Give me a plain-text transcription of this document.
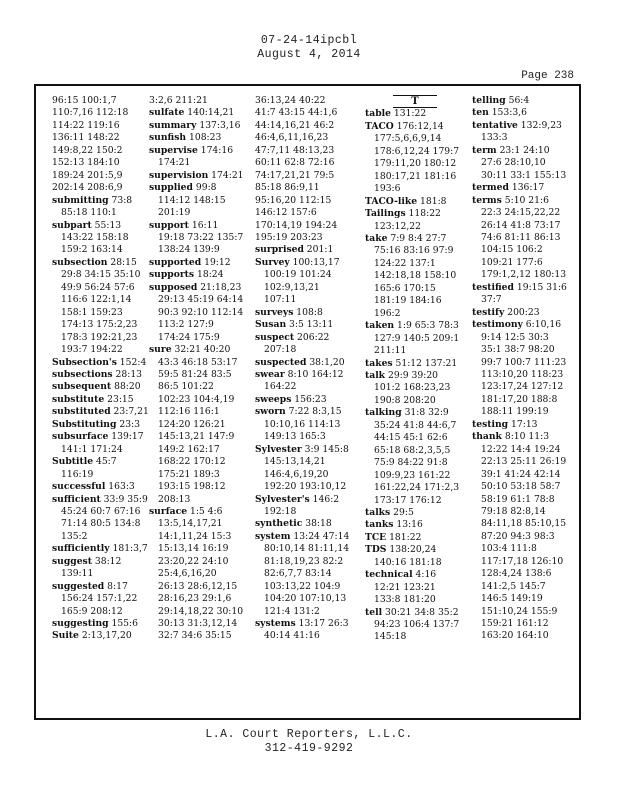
07-24-14ipcbl
August 4, 2014
Page 238
96:15 100:1,7
110:7,16 112:18
114:22 119:16
136:11 148:22
149:8,22 150:2
152:13 184:10
189:24 201:5,9
202:14 208:6,9
submitting 73:8
85:18 110:1
subpart 55:13
143:22 158:18
159:2 163:14
subsection 28:15
29:8 34:15 35:10
49:9 56:24 57:6
116:6 122:1,14
158:1 159:23
174:13 175:2,23
178:3 192:21,23
193:7 194:22
Subsection's 152:4
subsections 28:13
subsequent 88:20
substitute 23:15
substituted 23:7,21
Substituting 23:3
subsurface 139:17
141:1 171:24
Subtitle 45:7
116:19
successful 163:3
sufficient 33:9 35:9
45:24 60:7 67:16
71:14 80:5 134:8
135:2
sufficiently 181:3,7
suggest 38:12
139:11
suggested 8:17
156:24 157:1,22
165:9 208:12
suggesting 155:6
Suite 2:13,17,20
3:2,6 211:21
sulfate 140:14,21
summary 137:3,16
sunfish 108:23
supervise 174:16
174:21
supervision 174:21
supplied 99:8
114:12 148:15
201:19
support 16:11
19:18 73:22 135:7
138:24 139:9
supported 19:12
supports 18:24
supposed 21:18,23
29:13 45:19 64:14
90:3 92:10 112:14
113:2 127:9
174:24 175:9
sure 32:21 40:20
43:3 46:18 53:17
59:5 81:24 83:5
86:5 101:22
102:23 104:4,19
112:16 116:1
124:20 126:21
145:13,21 147:9
149:2 162:17
168:22 170:12
175:21 189:3
193:15 198:12
208:13
surface 1:5 4:6
13:5,14,17,21
14:1,11,24 15:3
15:13,14 16:19
23:20,22 24:10
25:4,6,16,20
26:13 28:6,12,15
28:16,23 29:1,6
29:14,18,22 30:10
30:13 31:3,12,14
32:7 34:6 35:15
36:13,24 40:22
41:7 43:15 44:1,6
44:14,16,21 46:2
46:4,6,11,16,23
47:7,11 48:13,23
60:11 62:8 72:16
74:17,21,21 79:5
85:18 86:9,11
95:16,20 112:15
146:12 157:6
170:14,19 194:24
195:19 203:23
surprised 201:1
Survey 100:13,17
100:19 101:24
102:9,13,21
107:11
surveys 108:8
Susan 3:5 13:11
suspect 206:22
207:18
suspected 38:1,20
swear 8:10 164:12
164:22
sweeps 156:23
sworn 7:22 8:3,15
10:10,16 114:13
149:13 165:3
Sylvester 3:9 145:8
145:13,14,21
146:4,6,19,20
192:20 193:10,12
Sylvester's 146:2
192:18
synthetic 38:18
system 13:24 47:14
80:10,14 81:11,14
81:18,19,23 82:2
82:6,7,7 83:14
103:13,22 104:9
104:20 107:10,13
121:4 131:2
systems 13:17 26:3
40:14 41:16
T
table 131:22
TACO 176:12,14
177:5,6,6,9,14
178:6,12,24 179:7
179:11,20 180:12
180:17,21 181:16
193:6
TACO-like 181:8
Tailings 118:22
123:12,22
take 7:9 8:4 27:7
75:16 83:16 97:9
124:22 137:1
142:18,18 158:10
165:6 170:15
181:19 184:16
196:2
taken 1:9 65:3 78:3
127:9 140:5 209:1
211:11
takes 51:12 137:21
talk 29:9 39:20
101:2 168:23,23
190:8 208:20
talking 31:8 32:9
35:24 41:8 44:6,7
44:15 45:1 62:6
65:18 68:2,3,5,5
75:9 84:22 91:8
109:9,23 161:22
161:22,24 171:2,3
173:17 176:12
talks 29:5
tanks 13:16
TCE 181:22
TDS 138:20,24
140:16 181:18
technical 4:16
12:21 123:21
133:8 181:20
tell 30:21 34:8 35:2
94:23 106:4 137:7
145:18
telling 56:4
ten 153:3,6
tentative 132:9,23
133:3
term 23:1 24:10
27:6 28:10,10
30:11 33:1 155:13
termed 136:17
terms 5:10 21:6
22:3 24:15,22,22
26:14 41:8 73:17
74:6 81:11 86:13
104:15 106:2
109:21 177:6
179:1,2,12 180:13
testified 19:15 31:6
37:7
testify 200:23
testimony 6:10,16
9:14 12:5 30:3
35:1 38:7 98:20
99:7 100:7 111:23
113:10,20 118:23
123:17,24 127:12
181:17,20 188:8
188:11 199:19
testing 17:13
thank 8:10 11:3
12:22 14:4 19:24
22:13 25:11 26:19
39:1 41:24 42:14
50:10 53:18 58:7
58:19 61:1 78:8
79:18 82:8,14
84:11,18 85:10,15
87:20 94:3 98:3
103:4 111:8
117:17,18 126:10
128:4,24 138:6
141:2,5 145:7
146:5 149:19
151:10,24 155:9
159:21 161:12
163:20 164:10
L.A. Court Reporters, L.L.C.
312-419-9292
